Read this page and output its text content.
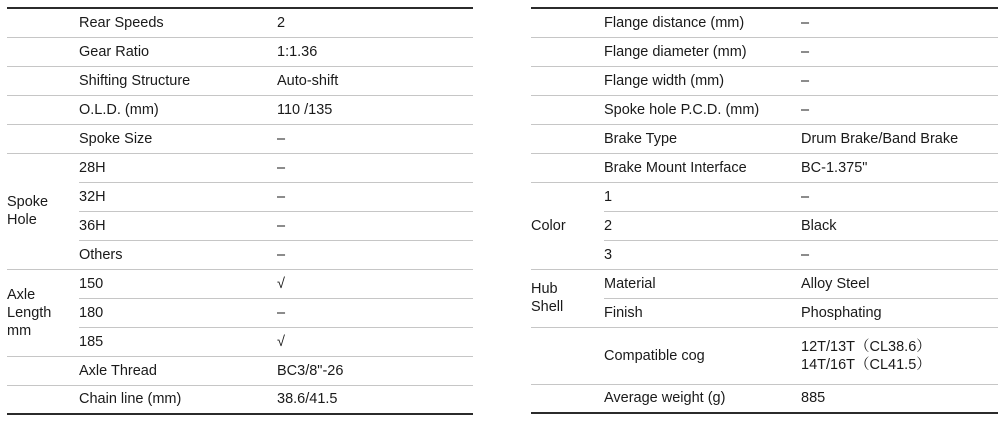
	Rear Speeds	2
	Gear Ratio	1:1.36
	Shifting Structure	Auto-shift
	O.L.D. (mm)	110 /135
	Spoke Size	–
Spoke Hole	28H	–
	32H	–
	36H	–
	Others	–

Axle Length mm	150	√
	180	–
	185	√
	Axle Thread	BC3/8"-26
	Chain line (mm)	38.6/41.5
	Flange distance (mm)	–
	Flange diameter (mm)	–
	Flange width (mm)	–
	Spoke hole P.C.D. (mm)	–
	Brake Type	Drum Brake/Band Brake
	Brake Mount Interface	BC-1.375"
Color	1	–
	2	Black
	3	–

Hub Shell	Material	Alloy Steel
	Finish	Phosphating
	Compatible cog	12T/13T（CL38.6）
14T/16T（CL41.5）

	Average weight (g)	885
